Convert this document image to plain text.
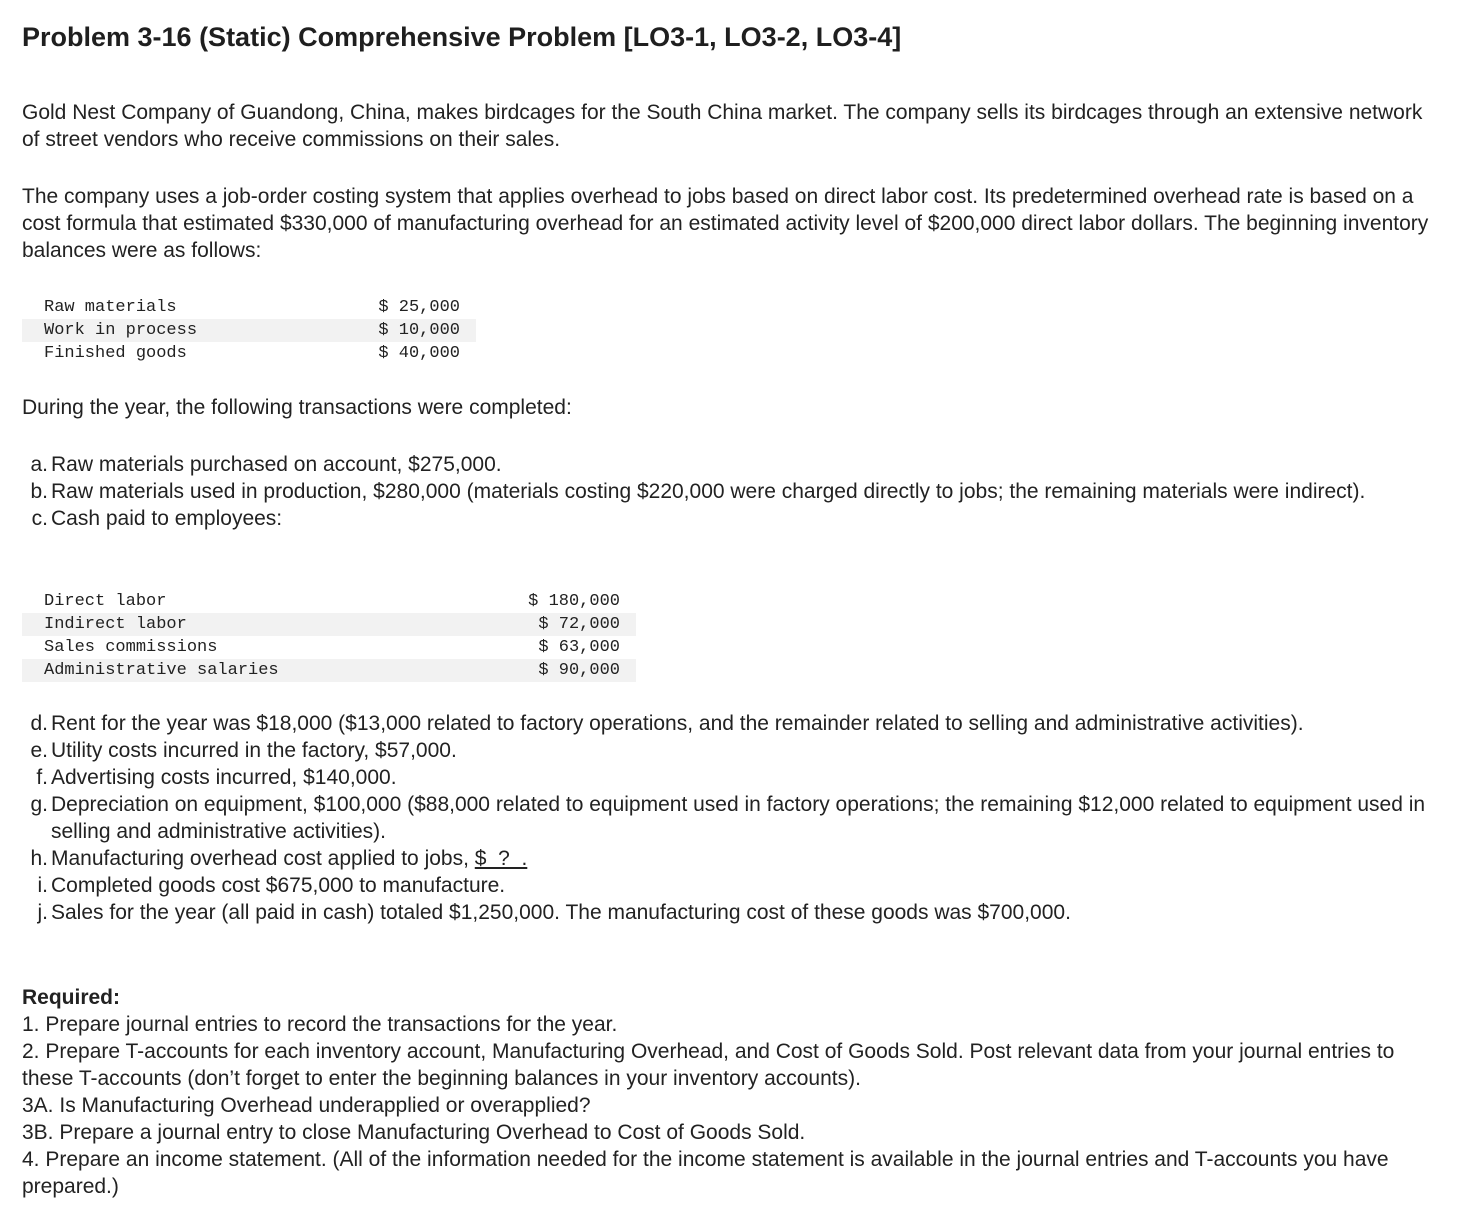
Problem 3-16 (Static) Comprehensive Problem [LO3-1, LO3-2, LO3-4]

Gold Nest Company of Guandong, China, makes birdcages for the South China market. The company sells its birdcages through an extensive network of street vendors who receive commissions on their sales.

The company uses a job-order costing system that applies overhead to jobs based on direct labor cost. Its predetermined overhead rate is based on a cost formula that estimated $330,000 of manufacturing overhead for an estimated activity level of $200,000 direct labor dollars. The beginning inventory balances were as follows:

Raw materials	$ 25,000
Work in process	$ 10,000
Finished goods	$ 40,000

During the year, the following transactions were completed:

a. Raw materials purchased on account, $275,000.
b. Raw materials used in production, $280,000 (materials costing $220,000 were charged directly to jobs; the remaining materials were indirect).
c. Cash paid to employees:
Direct labor	$ 180,000
Indirect labor	$ 72,000
Sales commissions	$ 63,000
Administrative salaries	$ 90,000
d. Rent for the year was $18,000 ($13,000 related to factory operations, and the remainder related to selling and administrative activities).
e. Utility costs incurred in the factory, $57,000.
f. Advertising costs incurred, $140,000.
g. Depreciation on equipment, $100,000 ($88,000 related to equipment used in factory operations; the remaining $12,000 related to equipment used in selling and administrative activities).
h. Manufacturing overhead cost applied to jobs, $  ?  .
i. Completed goods cost $675,000 to manufacture.
j. Sales for the year (all paid in cash) totaled $1,250,000. The manufacturing cost of these goods was $700,000.
Required:
1. Prepare journal entries to record the transactions for the year.
2. Prepare T-accounts for each inventory account, Manufacturing Overhead, and Cost of Goods Sold. Post relevant data from your journal entries to these T-accounts (don’t forget to enter the beginning balances in your inventory accounts).
3A. Is Manufacturing Overhead underapplied or overapplied?
3B. Prepare a journal entry to close Manufacturing Overhead to Cost of Goods Sold.
4. Prepare an income statement. (All of the information needed for the income statement is available in the journal entries and T-accounts you have prepared.)
